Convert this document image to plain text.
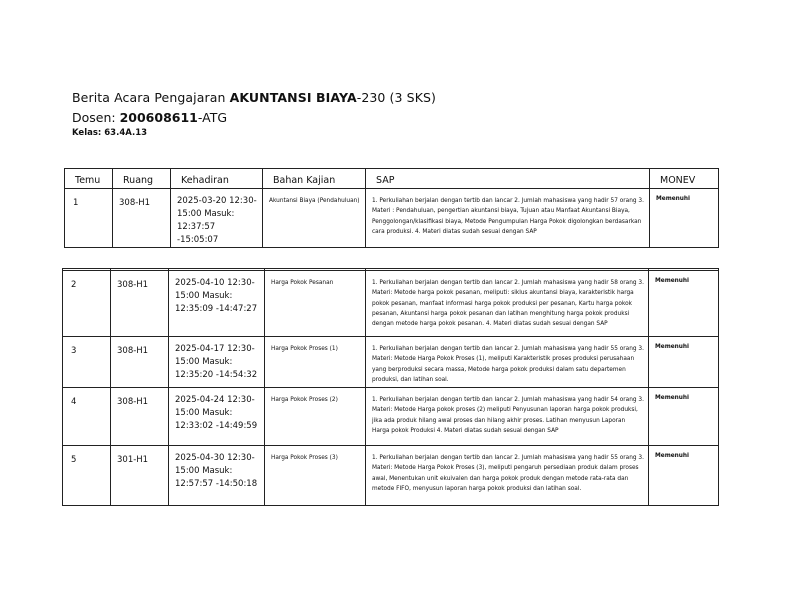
Berita Acara Pengajaran AKUNTANSI BIAYA-230 (3 SKS)
Dosen: 200608611-ATG
Kelas: 63.4A.13
Temu	Ruang	Kehadiran	Bahan Kajian	SAP	MONEV
1	308-H1	2025-03-20 12:30-15:00 Masuk: 12:37:57 -15:05:07	Akuntansi Biaya (Pendahuluan)	1. Perkuliahan berjalan dengan tertib dan lancar 2. Jumlah mahasiswa yang hadir 57 orang 3. Materi : Pendahuluan, pengertian akuntansi biaya, Tujuan atau Manfaat Akuntansi Biaya, Penggolongan/klasifikasi biaya, Metode Pengumpulan Harga Pokok digolongkan berdasarkan cara produksi. 4. Materi diatas sudah sesuai dengan SAP	Memenuhi

2	308-H1	2025-04-10 12:30-15:00 Masuk: 12:35:09 -14:47:27	Harga Pokok Pesanan	1. Perkuliahan berjalan dengan tertib dan lancar 2. Jumlah mahasiswa yang hadir 58 orang 3. Materi: Metode harga pokok pesanan, meliputi: siklus akuntansi biaya, karakteristik harga pokok pesanan, manfaat informasi harga pokok produksi per pesanan, Kartu harga pokok pesanan, Akuntansi harga pokok pesanan dan latihan menghitung harga pokok produksi dengan metode harga pokok pesanan. 4. Materi diatas sudah sesuai dengan SAP	Memenuhi
3	308-H1	2025-04-17 12:30-15:00 Masuk: 12:35:20 -14:54:32	Harga Pokok Proses (1)	1. Perkuliahan berjalan dengan tertib dan lancar 2. Jumlah mahasiswa yang hadir 55 orang 3. Materi: Metode Harga Pokok Proses (1), meliputi Karakteristik proses produksi perusahaan yang berproduksi secara massa, Metode harga pokok produksi dalam satu departemen produksi, dan latihan soal.	Memenuhi
4	308-H1	2025-04-24 12:30-15:00 Masuk: 12:33:02 -14:49:59	Harga Pokok Proses (2)	1. Perkuliahan berjalan dengan tertib dan lancar 2. Jumlah mahasiswa yang hadir 54 orang 3. Materi: Metode Harga pokok proses (2) meliputi Penyusunan laporan harga pokok produksi, jika ada produk hilang awal proses dan hilang akhir proses. Latihan menyusun Laporan Harga pokok Produksi 4. Materi diatas sudah sesuai dengan SAP	Memenuhi
5	301-H1	2025-04-30 12:30-15:00 Masuk: 12:57:57 -14:50:18	Harga Pokok Proses (3)	1. Perkuliahan berjalan dengan tertib dan lancar 2. Jumlah mahasiswa yang hadir 55 orang 3. Materi: Metode Harga Pokok Proses (3), meliputi pengaruh persediaan produk dalam proses awal, Menentukan unit ekuivalen dan harga pokok produk dengan metode rata-rata dan metode FIFO, menyusun laporan harga pokok produksi dan latihan soal.	Memenuhi
